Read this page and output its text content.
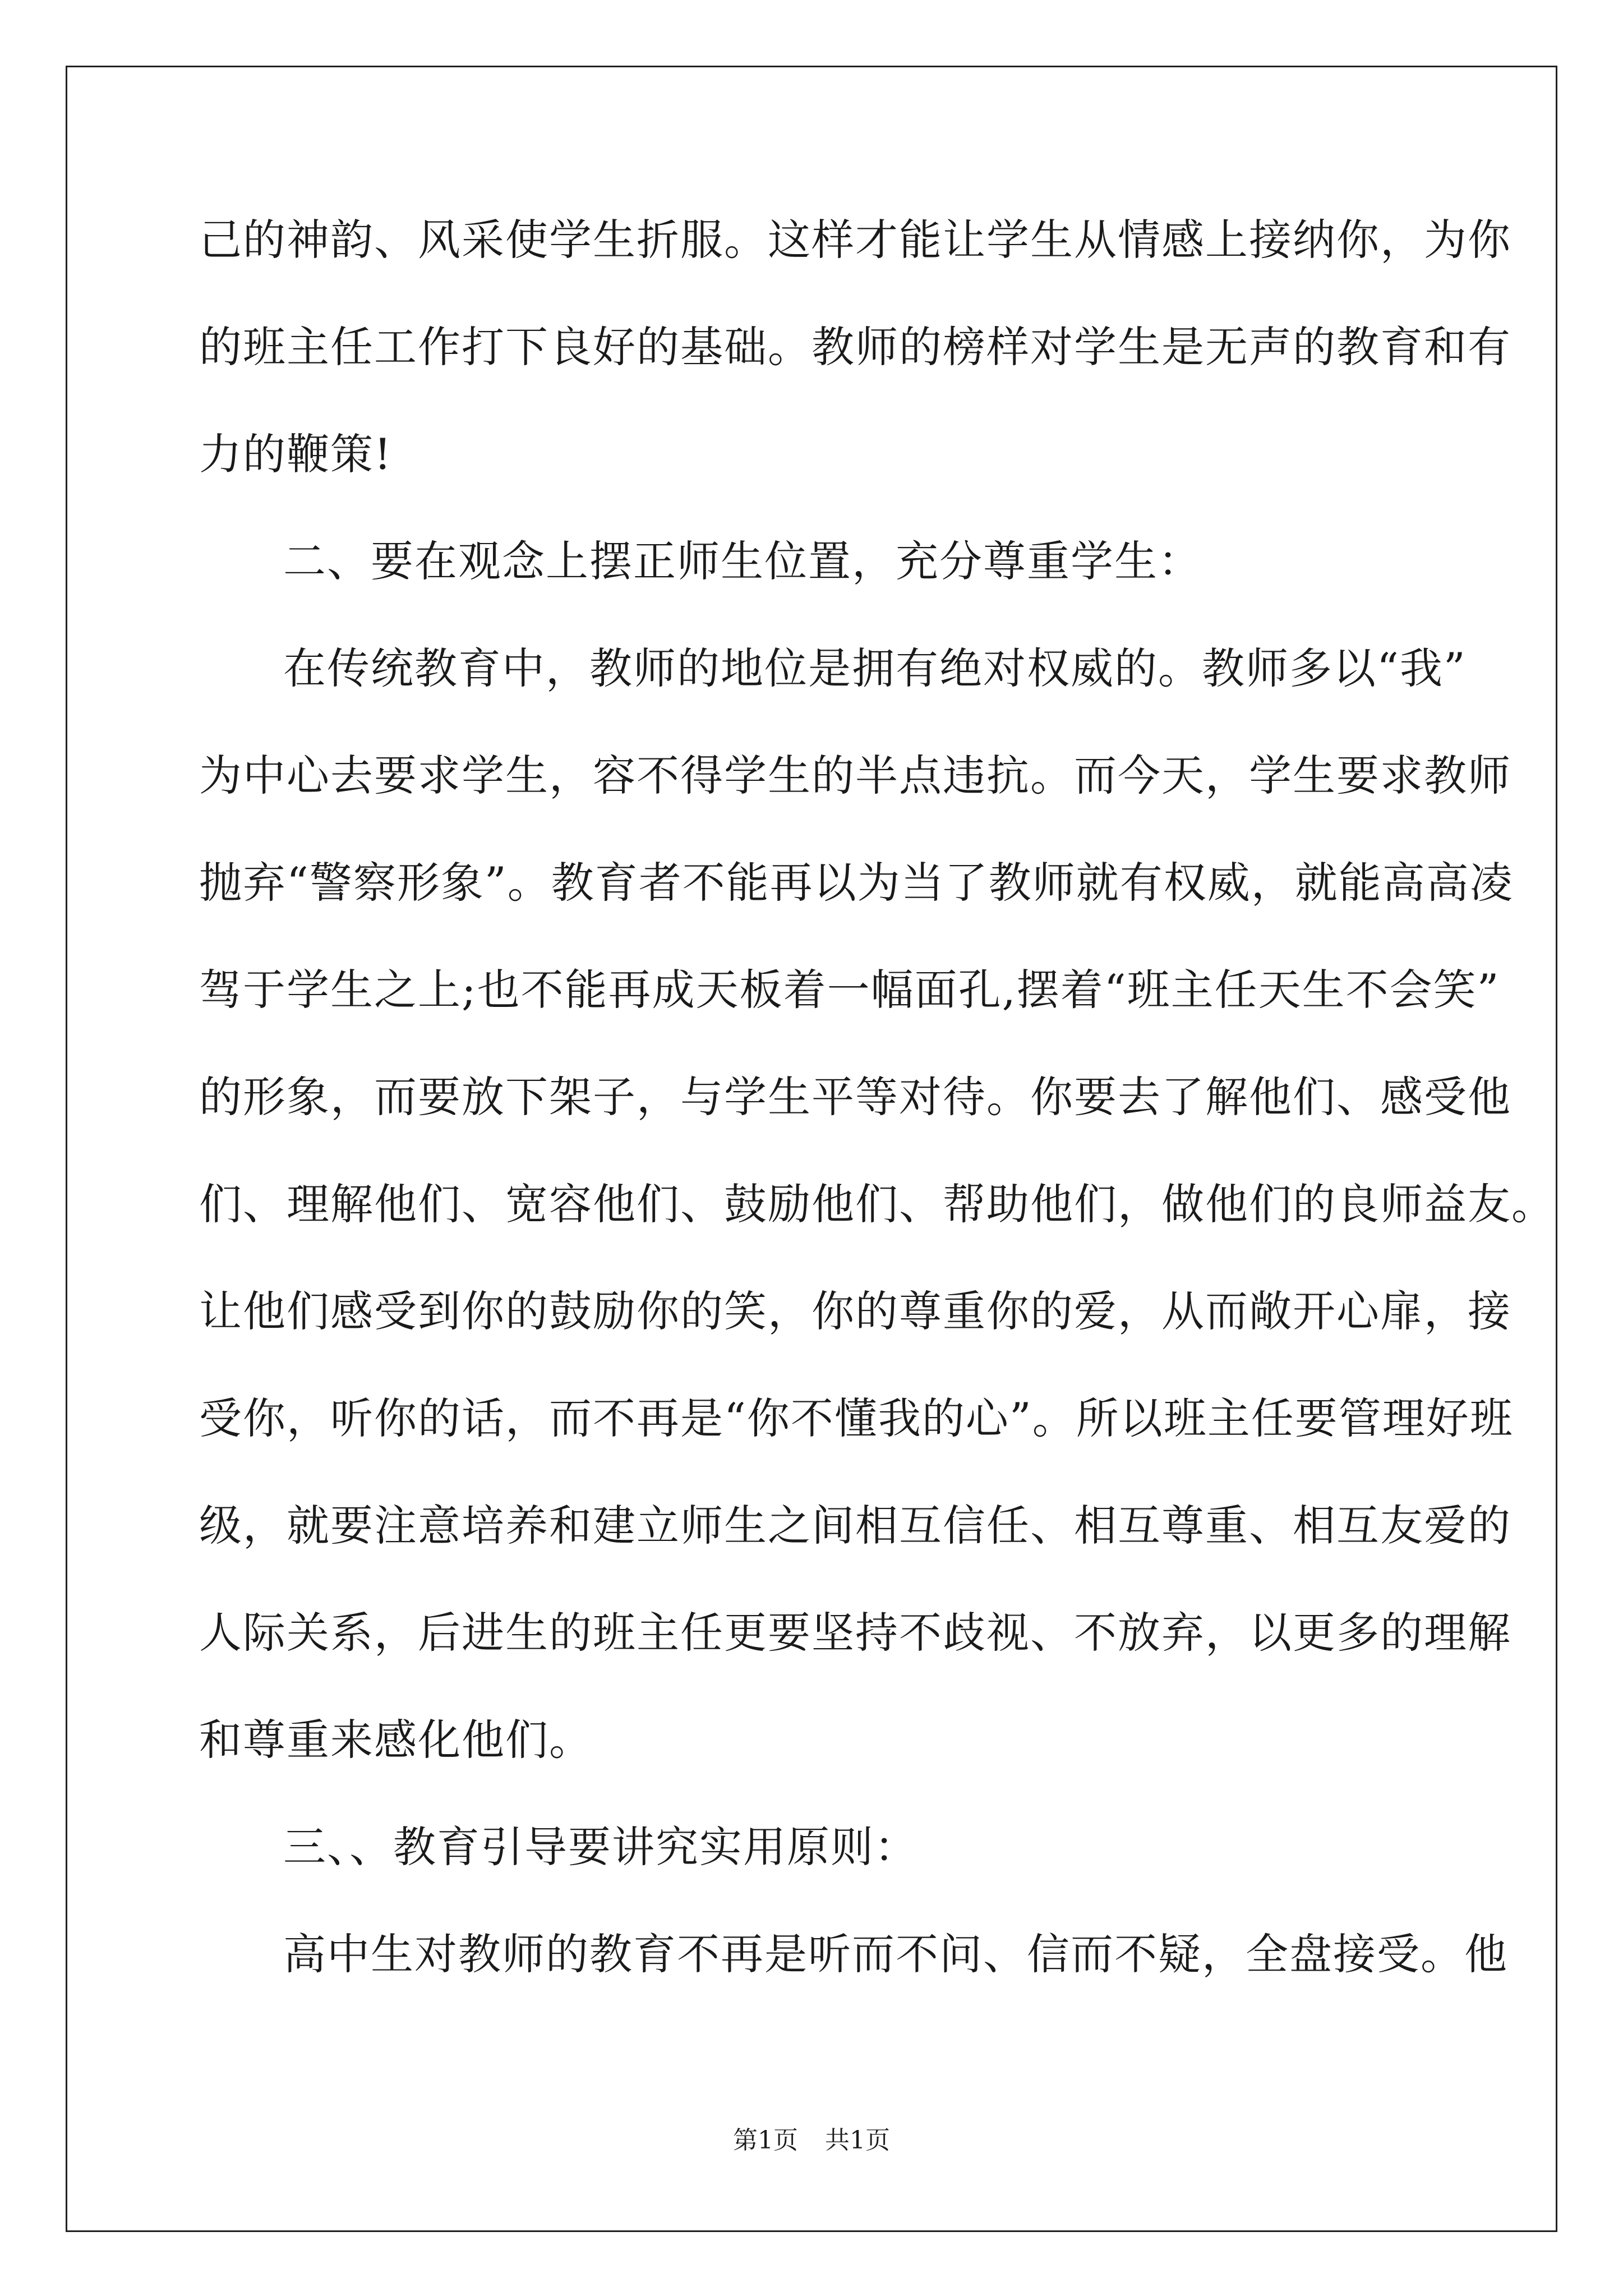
己的神韵、风采使学生折服。这样才能让学生从情感上接纳你，为你
的班主任工作打下良好的基础。教师的榜样对学生是无声的教育和有
力的鞭策!
二、要在观念上摆正师生位置，充分尊重学生：
在传统教育中，教师的地位是拥有绝对权威的。教师多以“我”
为中心去要求学生，容不得学生的半点违抗。而今天，学生要求教师
抛弃“警察形象”。教育者不能再以为当了教师就有权威，就能高高凌
驾于学生之上;也不能再成天板着一幅面孔,摆着“班主任天生不会笑”
的形象，而要放下架子，与学生平等对待。你要去了解他们、感受他
们、理解他们、宽容他们、鼓励他们、帮助他们，做他们的良师益友。
让他们感受到你的鼓励你的笑，你的尊重你的爱，从而敞开心扉，接
受你，听你的话，而不再是“你不懂我的心”。所以班主任要管理好班
级，就要注意培养和建立师生之间相互信任、相互尊重、相互友爱的
人际关系，后进生的班主任更要坚持不歧视、不放弃，以更多的理解
和尊重来感化他们。
三、、教育引导要讲究实用原则：
高中生对教师的教育不再是听而不问、信而不疑，全盘接受。他
第1页 共1页
